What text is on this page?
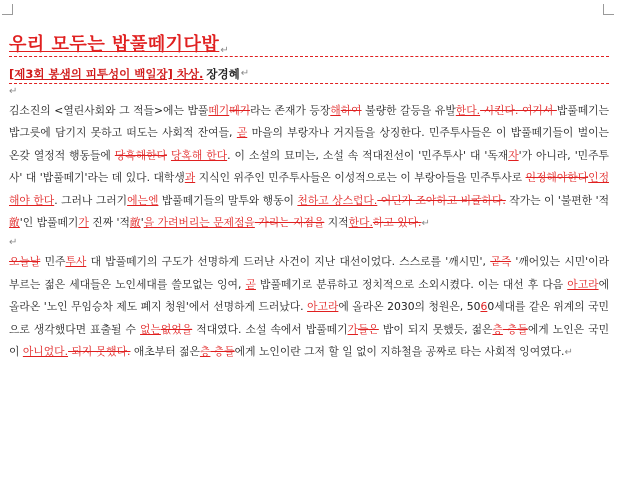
우리 모두는 밥풀떼기다밥 ↵
[제3회 봉샘의 피투성이 백일장] 차상. 장경혜 ↵
↵

김소진의 <열린사회와 그 적들>에는 밥풀떼기떼기라는 존재가 등장해하여 불량한 갈등을 유발한다. 시킨다. 여기서 밥풀떼기는 밥그릇에 담기지 못하고 떠도는 사회적 잔여들, 곧 마을의 부랑자나 거지들을 상징한다. 민주투사들은 이 밥풀떼기들이 벌이는 온갖 열정적 행동들에 당혹해한다 당혹해 한다. 이 소설의 묘미는, 소설 속 적대전선이 '민주투사' 대 '독재자'가 아니라, '민주투사' 대 '밥풀떼기'라는 데 있다. 대학생과 지식인 위주인 민주투사들은 이성적으로는 이 부랑아들을 민주투사로 인정해야한다인정해야 한다. 그러나 그러기에는엔 밥풀떼기들의 말투와 행동이 천하고 상스럽다. 어딘가 조야하고 비굴하다. 작가는 이 '불편한 '적敵'인 밥풀떼기가 진짜 '적敵'을 가려버리는 문제점을 가리는 지점을 지적한다.하고 있다.↵

↵

오늘날 민주투사 대 밥풀떼기의 구도가 선명하게 드러난 사건이 지난 대선이었다. 스스로를 '깨시민', 곧즉 '깨어있는 시민'이라 부르는 젊은 세대들은 노인세대를 쓸모없는 잉여, 곧 밥풀떼기로 분류하고 정치적으로 소외시켰다. 이는 대선 후 다음 아고라에 올라온 '노인 무임승차 제도 폐지 청원'에서 선명하게 드러났다. 아고라에 올라온 2030의 청원은, 5060세대를 같은 위계의 국민으로 생각했다면 표출될 수 없는없었을 적대였다. 소설 속에서 밥풀떼기가들은 밥이 되지 못했듯, 젊은층 층들에게 노인은 국민이 아니었다. 되지 못했다. 애초부터 젊은층 층들에게 노인이란 그저 할 일 없이 지하철을 공짜로 타는 사회적 잉여였다.↵
